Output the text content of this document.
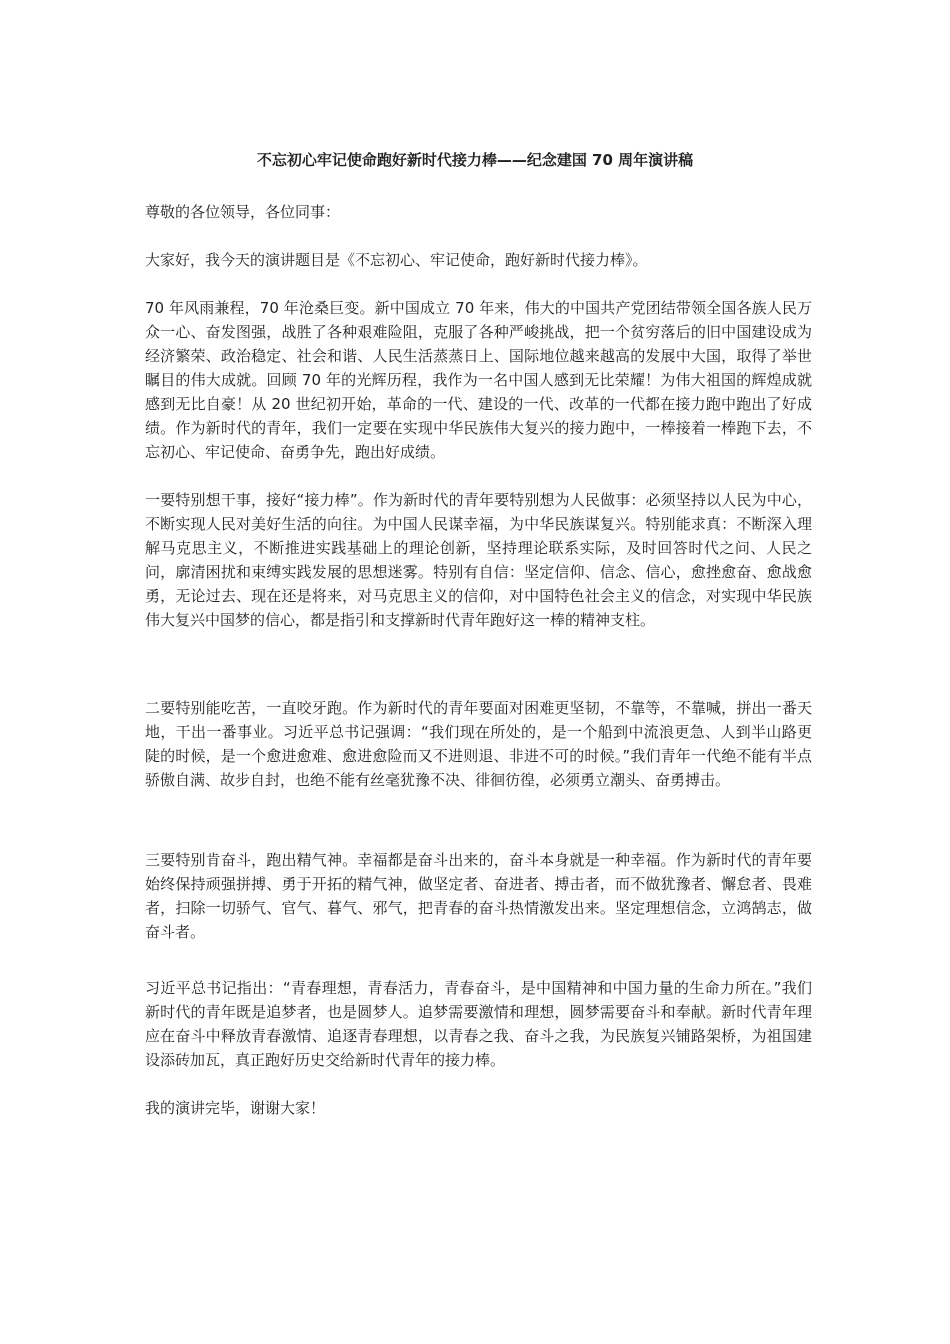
不忘初心牢记使命跑好新时代接力棒——纪念建国 70 周年演讲稿

尊敬的各位领导，各位同事：

大家好，我今天的演讲题目是《不忘初心、牢记使命，跑好新时代接力棒》。

70 年风雨兼程，70 年沧桑巨变。新中国成立 70 年来，伟大的中国共产党团结带领全国各族人民万众一心、奋发图强，战胜了各种艰难险阻，克服了各种严峻挑战，把一个贫穷落后的旧中国建设成为经济繁荣、政治稳定、社会和谐、人民生活蒸蒸日上、国际地位越来越高的发展中大国，取得了举世瞩目的伟大成就。回顾 70 年的光辉历程，我作为一名中国人感到无比荣耀！为伟大祖国的辉煌成就感到无比自豪！从 20 世纪初开始，革命的一代、建设的一代、改革的一代都在接力跑中跑出了好成绩。作为新时代的青年，我们一定要在实现中华民族伟大复兴的接力跑中，一棒接着一棒跑下去，不忘初心、牢记使命、奋勇争先，跑出好成绩。

一要特别想干事，接好“接力棒”。作为新时代的青年要特别想为人民做事：必须坚持以人民为中心，不断实现人民对美好生活的向往。为中国人民谋幸福，为中华民族谋复兴。特别能求真：不断深入理解马克思主义，不断推进实践基础上的理论创新，坚持理论联系实际，及时回答时代之问、人民之问，廓清困扰和束缚实践发展的思想迷雾。特别有自信：坚定信仰、信念、信心，愈挫愈奋、愈战愈勇，无论过去、现在还是将来，对马克思主义的信仰，对中国特色社会主义的信念，对实现中华民族伟大复兴中国梦的信心，都是指引和支撑新时代青年跑好这一棒的精神支柱。

二要特别能吃苦，一直咬牙跑。作为新时代的青年要面对困难更坚韧，不靠等，不靠喊，拼出一番天地，干出一番事业。习近平总书记强调：“我们现在所处的，是一个船到中流浪更急、人到半山路更陡的时候，是一个愈进愈难、愈进愈险而又不进则退、非进不可的时候。”我们青年一代绝不能有半点骄傲自满、故步自封，也绝不能有丝毫犹豫不决、徘徊彷徨，必须勇立潮头、奋勇搏击。

三要特别肯奋斗，跑出精气神。幸福都是奋斗出来的，奋斗本身就是一种幸福。作为新时代的青年要始终保持顽强拼搏、勇于开拓的精气神，做坚定者、奋进者、搏击者，而不做犹豫者、懈怠者、畏难者，扫除一切骄气、官气、暮气、邪气，把青春的奋斗热情激发出来。坚定理想信念，立鸿鹄志，做奋斗者。

习近平总书记指出：“青春理想，青春活力，青春奋斗，是中国精神和中国力量的生命力所在。”我们新时代的青年既是追梦者，也是圆梦人。追梦需要激情和理想，圆梦需要奋斗和奉献。新时代青年理应在奋斗中释放青春激情、追逐青春理想，以青春之我、奋斗之我，为民族复兴铺路架桥，为祖国建设添砖加瓦，真正跑好历史交给新时代青年的接力棒。

我的演讲完毕，谢谢大家！
